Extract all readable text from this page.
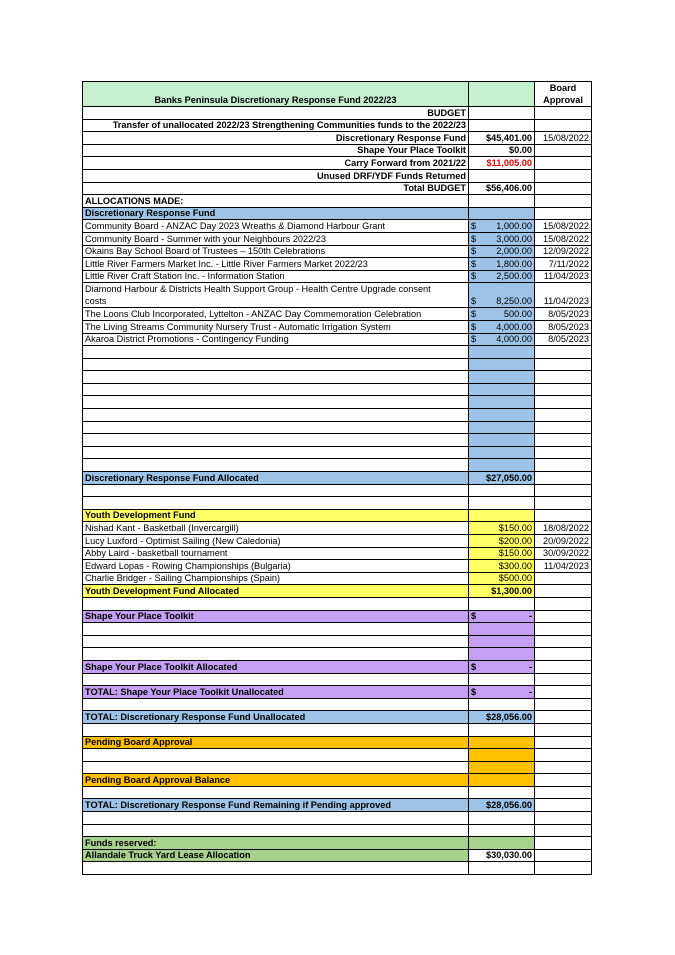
Banks Peninsula Discretionary Response Fund 2022/23		Board Approval
BUDGET		
Transfer of unallocated 2022/23 Strengthening Communities funds to the 2022/23		
Discretionary Response Fund	$45,401.00	15/08/2022
Shape Your Place Toolkit	$0.00	
Carry Forward from 2021/22	$11,005.00	
Unused DRF/YDF Funds Returned		
Total BUDGET	$56,406.00	
ALLOCATIONS MADE:		
Discretionary Response Fund		
Community Board - ANZAC Day 2023 Wreaths & Diamond Harbour Grant	$ 1,000.00	15/08/2022
Community Board - Summer with your Neighbours 2022/23	$ 3,000.00	15/08/2022
Okains Bay School Board of Trustees – 150th Celebrations	$ 2,000.00	12/09/2022
Little River Farmers Market Inc. - Little River Farmers Market 2022/23	$ 1,800.00	7/11/2022
Little River Craft Station Inc. - Information Station	$ 2,500.00	11/04/2023
Diamond Harbour & Districts Health Support Group - Health Centre Upgrade consent
costs	$ 8,250.00	11/04/2023
The Loons Club Incorporated, Lyttelton - ANZAC Day Commemoration Celebration	$ 500.00	8/05/2023
The Living Streams Community Nursery Trust - Automatic Irrigation System	$ 4,000.00	8/05/2023
Akaroa District Promotions - Contingency Funding	$ 4,000.00	8/05/2023

Discretionary Response Fund Allocated	$27,050.00	

Youth Development Fund		
Nishad Kant - Basketball (Invercargill)	$150.00	18/08/2022
Lucy Luxford - Optimist Sailing (New Caledonia)	$200.00	20/09/2022
Abby Laird - basketball tournament	$150.00	30/09/2022
Edward Lopas - Rowing Championships (Bulgaria)	$300.00	11/04/2023
Charlie Bridger - Sailing Championships (Spain)	$500.00	
Youth Development Fund Allocated	$1,300.00	

Shape Your Place Toolkit	$ -	

Shape Your Place Toolkit Allocated	$ -	

TOTAL: Shape Your Place Toolkit Unallocated	$ -	

TOTAL: Discretionary Response Fund Unallocated	$28,056.00	

Pending Board Approval		

Pending Board Approval Balance		

TOTAL: Discretionary Response Fund Remaining if Pending approved	$28,056.00	

Funds reserved:		
Allandale Truck Yard Lease Allocation	$30,030.00	
